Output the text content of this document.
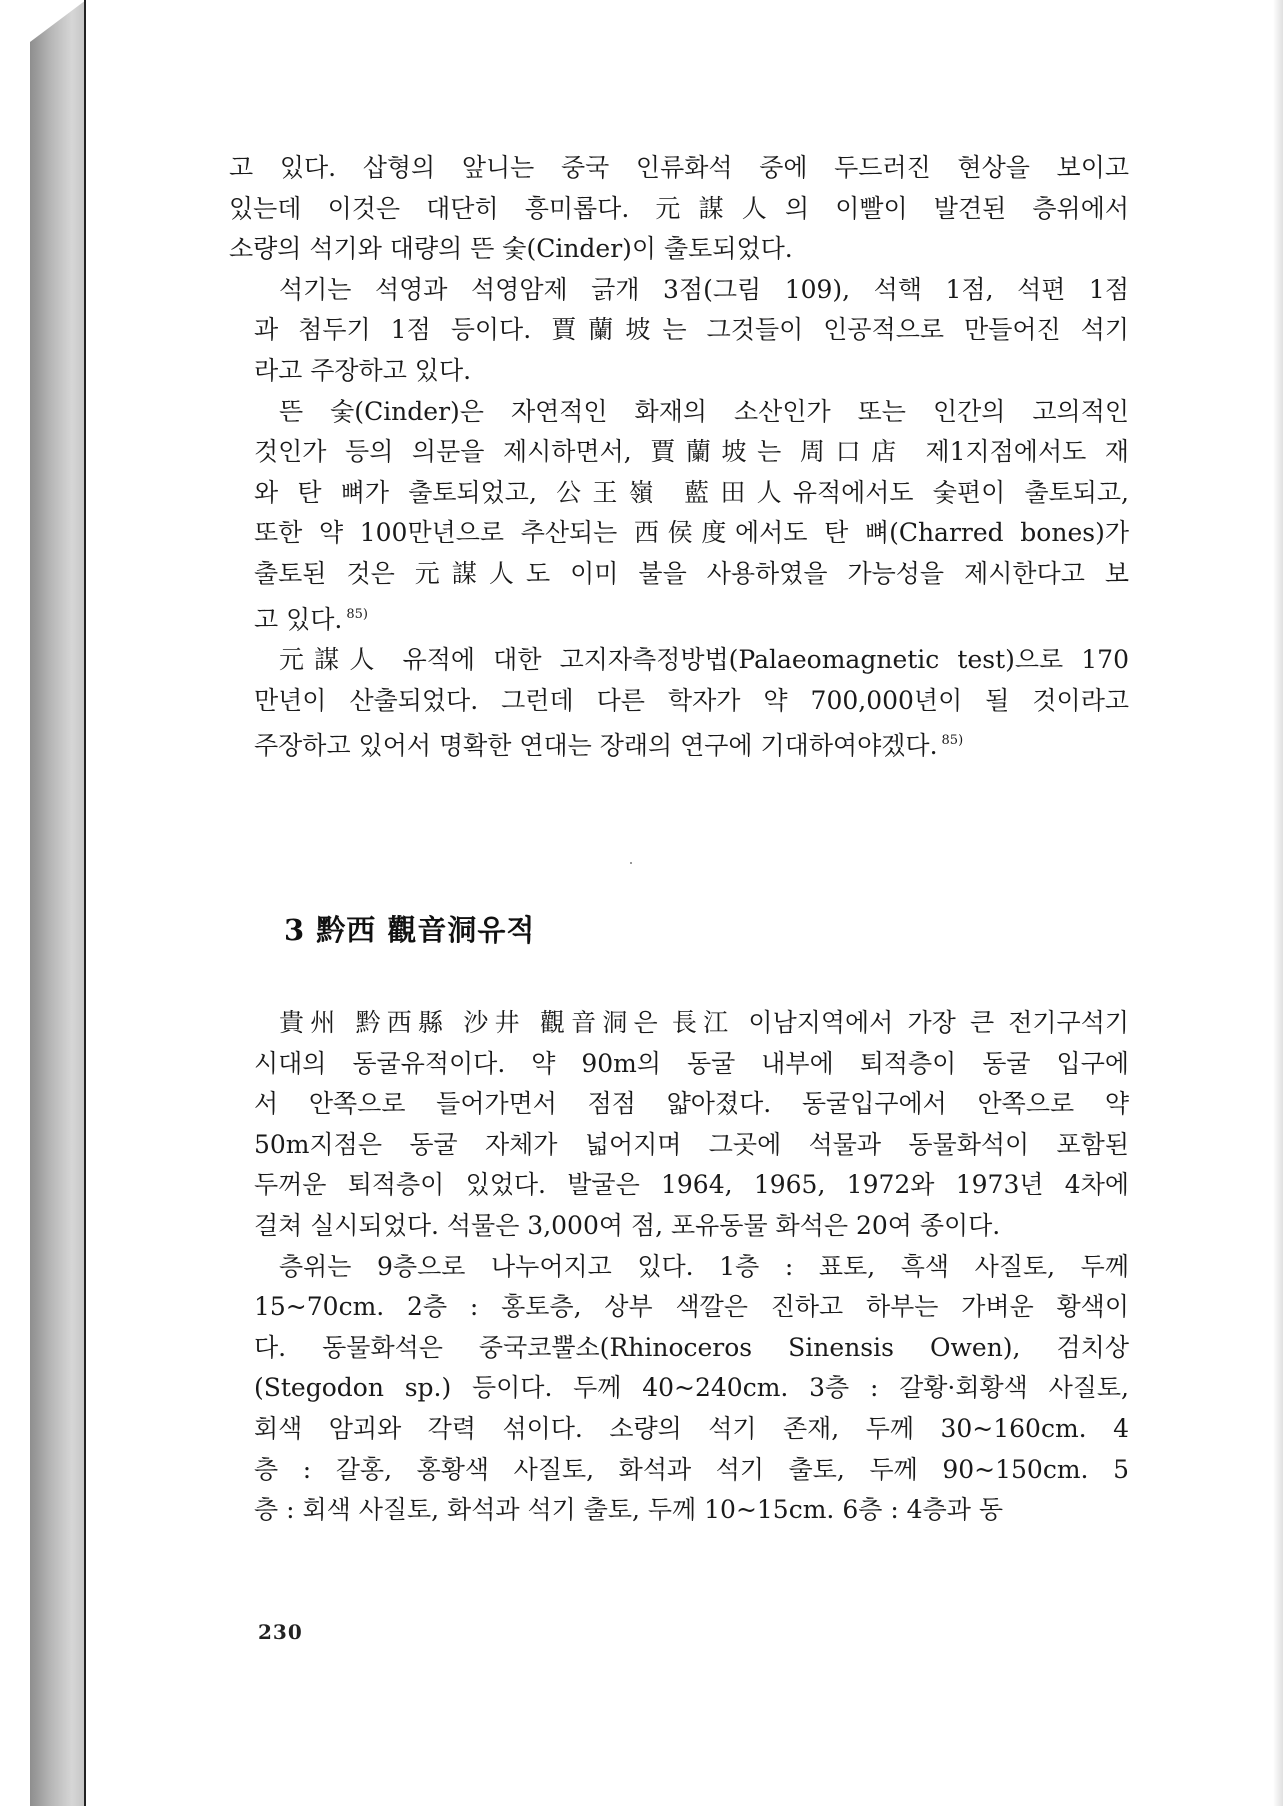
고 있다. 삽형의 앞니는 중국 인류화석 중에 두드러진 현상을 보이고
있는데 이것은 대단히 흥미롭다. 元謀人의 이빨이 발견된 층위에서
소량의 석기와 대량의 뜬 숯(Cinder)이 출토되었다.

석기는 석영과 석영암제 긁개 3점(그림 109), 석핵 1점, 석편 1점
과 첨두기 1점 등이다. 賈蘭坡는 그것들이 인공적으로 만들어진 석기
라고 주장하고 있다.

뜬 숯(Cinder)은 자연적인 화재의 소산인가 또는 인간의 고의적인
것인가 등의 의문을 제시하면서, 賈蘭坡는 周口店 제1지점에서도 재
와 탄 뼈가 출토되었고, 公王嶺 藍田人유적에서도 숯편이 출토되고,
또한 약 100만년으로 추산되는 西侯度에서도 탄 뼈(Charred bones)가
출토된 것은 元謀人도 이미 불을 사용하였을 가능성을 제시한다고 보
고 있다. $^{85)}$

元謀人 유적에 대한 고지자측정방법(Palaeomagnetic test)으로 170
만년이 산출되었다. 그런데 다른 학자가 약 700,000년이 될 것이라고
주장하고 있어서 명확한 연대는 장래의 연구에 기대하여야겠다. $^{85)}$

3 黔西 觀音洞유적

貴州 黔西縣 沙井 觀音洞은 長江 이남지역에서 가장 큰 전기구석기
시대의 동굴유적이다. 약 90m의 동굴 내부에 퇴적층이 동굴 입구에
서 안쪽으로 들어가면서 점점 얇아졌다. 동굴입구에서 안쪽으로 약
50m지점은 동굴 자체가 넓어지며 그곳에 석물과 동물화석이 포함된
두꺼운 퇴적층이 있었다. 발굴은 1964, 1965, 1972와 1973년 4차에
걸쳐 실시되었다. 석물은 3,000여 점, 포유동물 화석은 20여 종이다.

층위는 9층으로 나누어지고 있다. 1층 : 표토, 흑색 사질토, 두께
15~70cm. 2층 : 홍토층, 상부 색깔은 진하고 하부는 가벼운 황색이
다. 동물화석은 중국코뿔소(Rhinoceros Sinensis Owen), 검치상
(Stegodon sp.) 등이다. 두께 40~240cm. 3층 : 갈황·회황색 사질토,
회색 암괴와 각력 섞이다. 소량의 석기 존재, 두께 30~160cm. 4
층 : 갈홍, 홍황색 사질토, 화석과 석기 출토, 두께 90~150cm. 5
층 : 회색 사질토, 화석과 석기 출토, 두께 10~15cm. 6층 : 4층과 동

230
